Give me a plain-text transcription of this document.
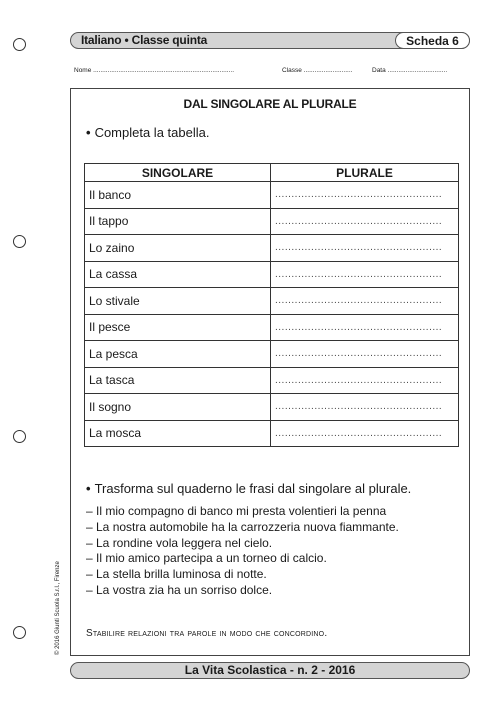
Italiano • Classe quinta	Scheda 6
Nome ..............................................................................	Classe ...........................	Data .................................
DAL SINGOLARE AL PLURALE
• Completa la tabella.
SINGOLARE	PLURALE
Il banco	...................................................
Il tappo	...................................................
Lo zaino	...................................................
La cassa	...................................................
Lo stivale	...................................................
Il pesce	...................................................
La pesca	...................................................
La tasca	...................................................
Il sogno	...................................................
La mosca	...................................................
• Trasforma sul quaderno le frasi dal singolare al plurale.
– Il mio compagno di banco mi presta volentieri la penna
– La nostra automobile ha la carrozzeria nuova fiammante.
– La rondine vola leggera nel cielo.
– Il mio amico partecipa a un torneo di calcio.
– La stella brilla luminosa di notte.
– La vostra zia ha un sorriso dolce.
Stabilire relazioni tra parole in modo che concordino.
© 2016 Giunti Scuola S.r.l., Firenze
La Vita Scolastica - n. 2 - 2016
